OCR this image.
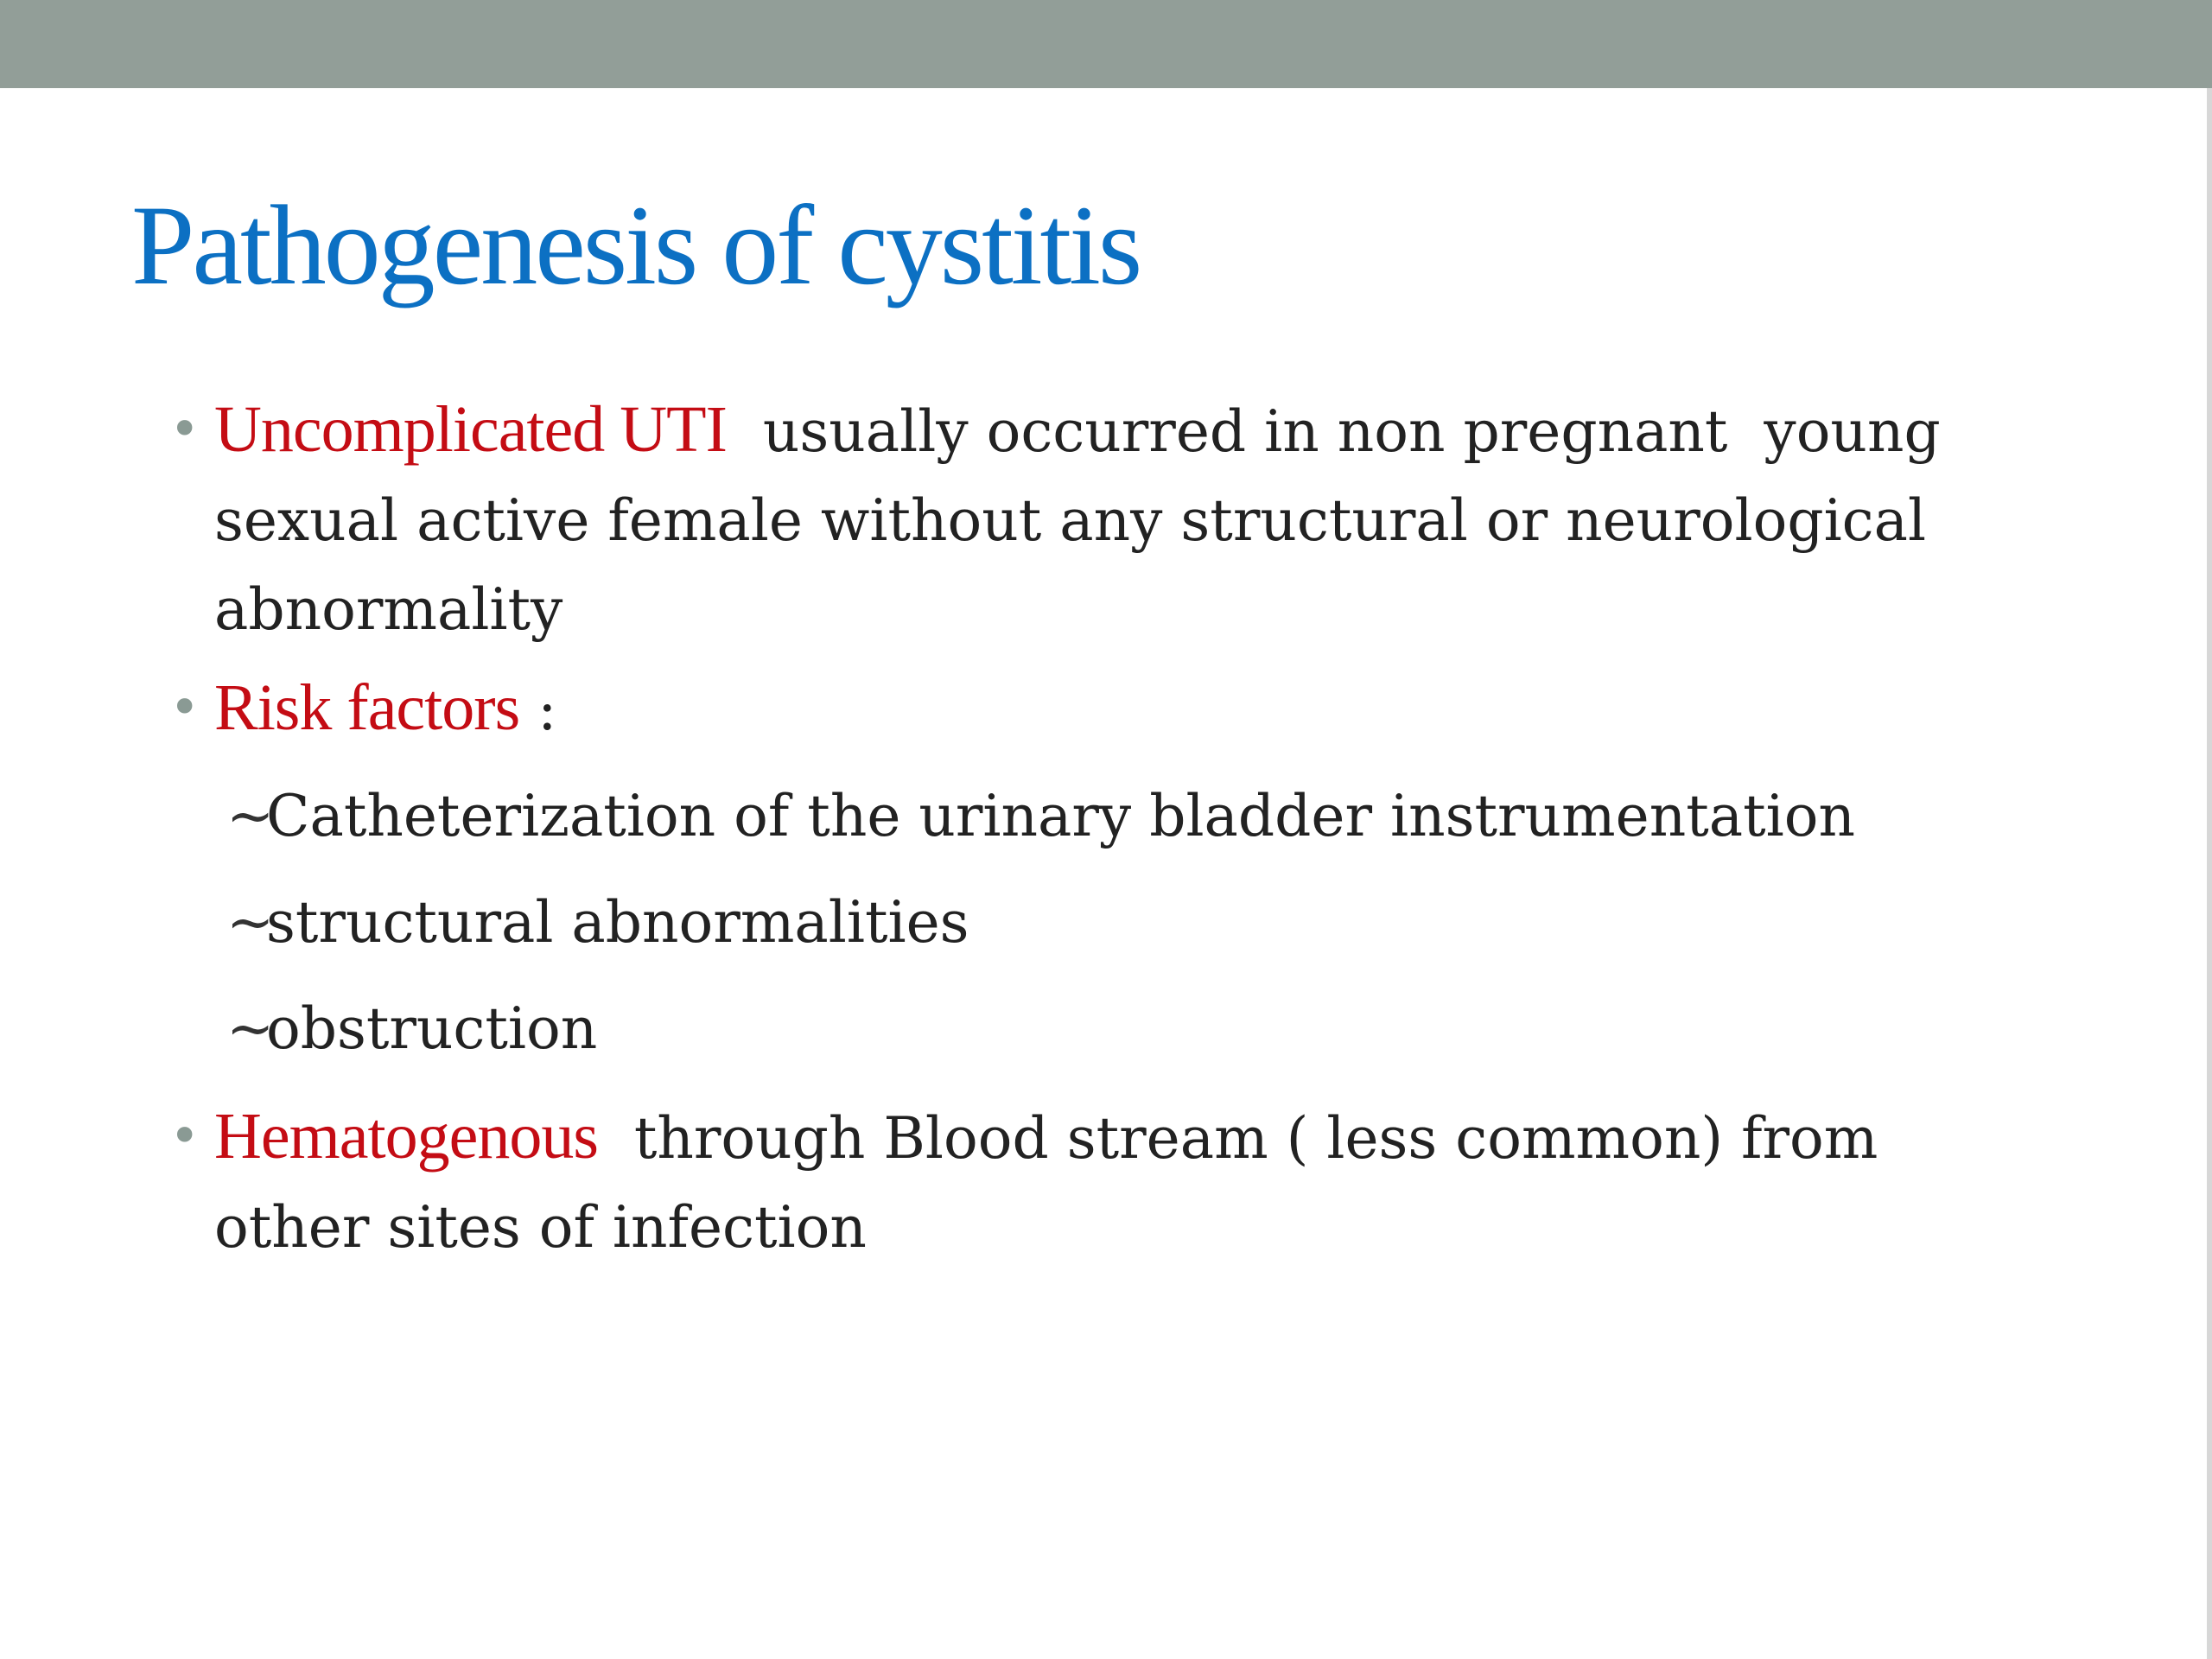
Pathogenesis of cystitis
• Uncomplicated UTI  usually occurred in non pregnant  young
sexual active female without any structural or neurological
abnormality
• Risk factors :
~Catheterization of the urinary bladder instrumentation
~structural abnormalities
~obstruction
• Hematogenous  through Blood stream ( less common) from
other sites of infection
